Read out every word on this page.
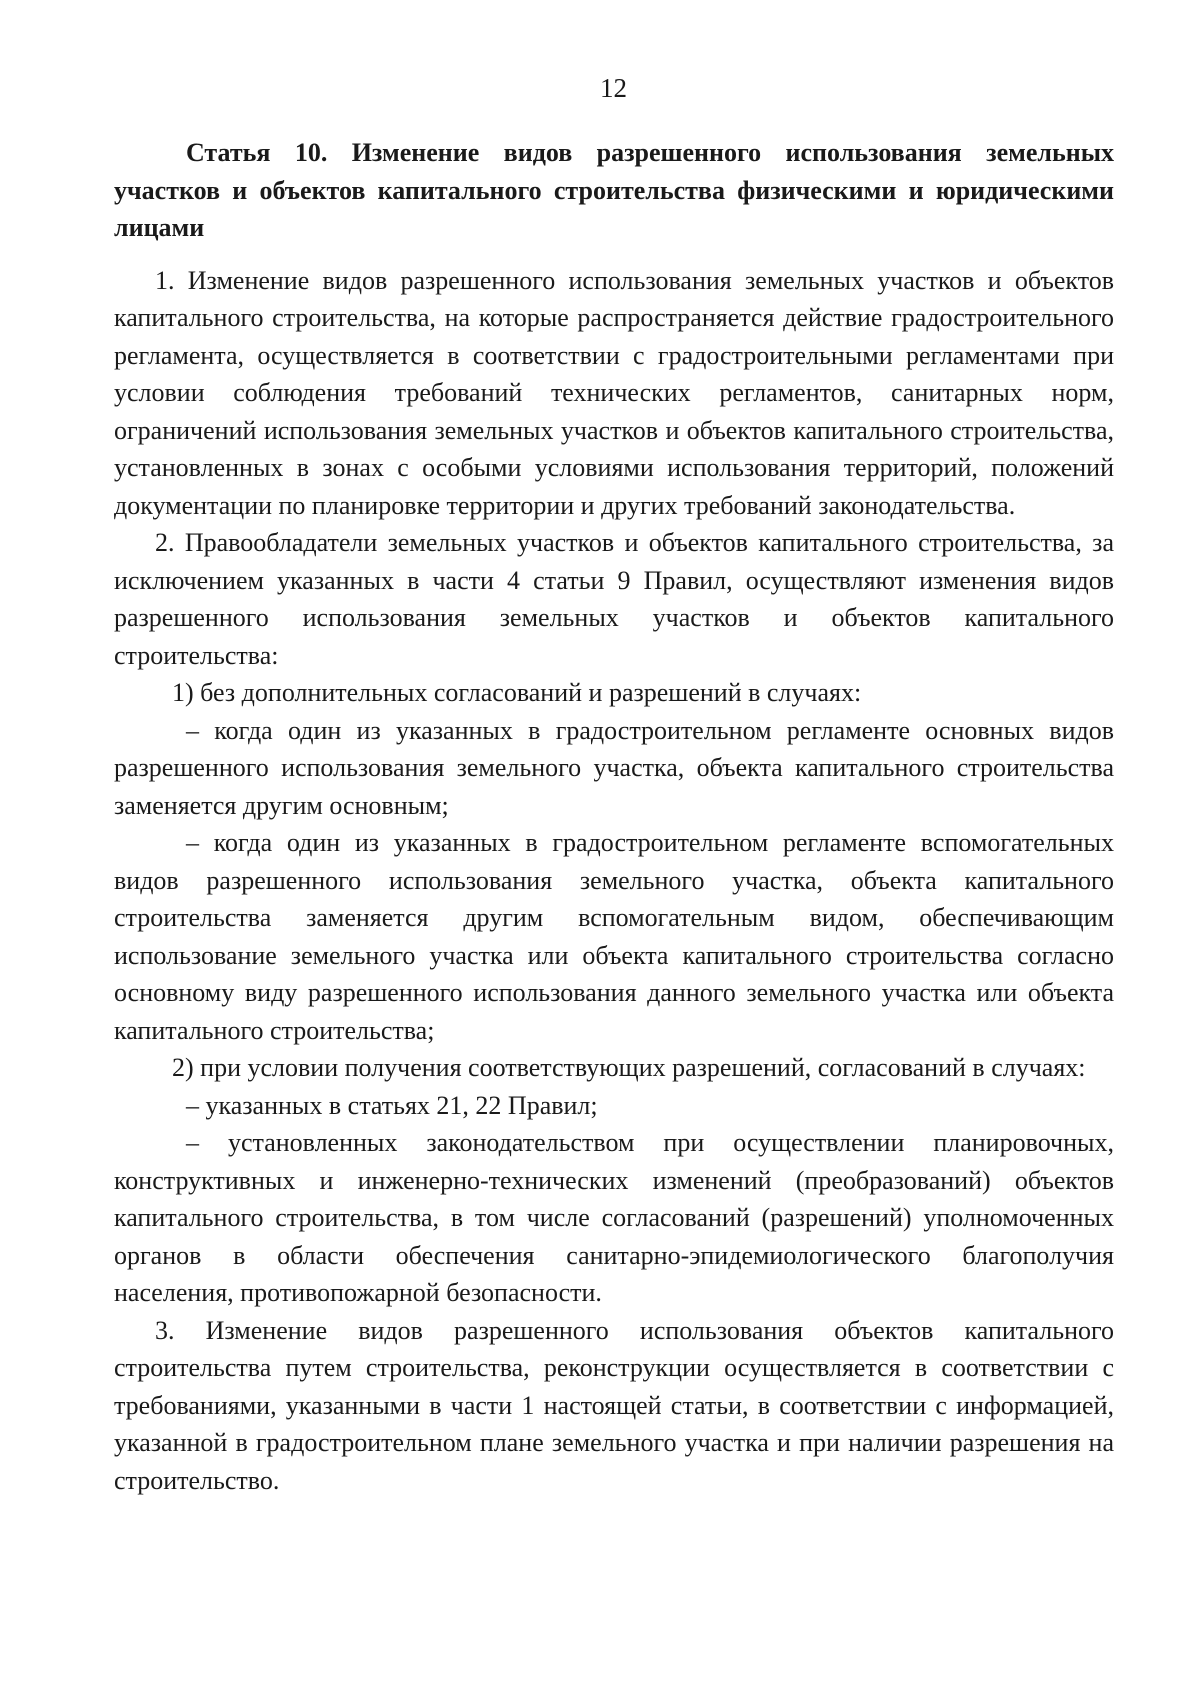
12

Статья 10. Изменение видов разрешенного использования земельных участков и объектов капитального строительства физическими и юридическими лицами

1. Изменение видов разрешенного использования земельных участков и объектов капитального строительства, на которые распространяется действие градостроительного регламента, осуществляется в соответствии с градостроительными регламентами при условии соблюдения требований технических регламентов, санитарных норм, ограничений использования земельных участков и объектов капитального строительства, установленных в зонах с особыми условиями использования территорий, положений документации по планировке территории и других требований законодательства.

2. Правообладатели земельных участков и объектов капитального строительства, за исключением указанных в части 4 статьи 9 Правил, осуществляют изменения видов разрешенного использования земельных участков и объектов капитального строительства:

1) без дополнительных согласований и разрешений в случаях:

– когда один из указанных в градостроительном регламенте основных видов разрешенного использования земельного участка, объекта капитального строительства заменяется другим основным;

– когда один из указанных в градостроительном регламенте вспомогательных видов разрешенного использования земельного участка, объекта капитального строительства заменяется другим вспомогательным видом, обеспечивающим использование земельного участка или объекта капитального строительства согласно основному виду разрешенного использования данного земельного участка или объекта капитального строительства;

2) при условии получения соответствующих разрешений, согласований в случаях:

– указанных в статьях 21, 22 Правил;

– установленных законодательством при осуществлении планировочных, конструктивных и инженерно-технических изменений (преобразований) объектов капитального строительства, в том числе согласований (разрешений) уполномоченных органов в области обеспечения санитарно-эпидемиологического благополучия населения, противопожарной безопасности.

3. Изменение видов разрешенного использования объектов капитального строительства путем строительства, реконструкции осуществляется в соответствии с требованиями, указанными в части 1 настоящей статьи, в соответствии с информацией, указанной в градостроительном плане земельного участка и при наличии разрешения на строительство.
